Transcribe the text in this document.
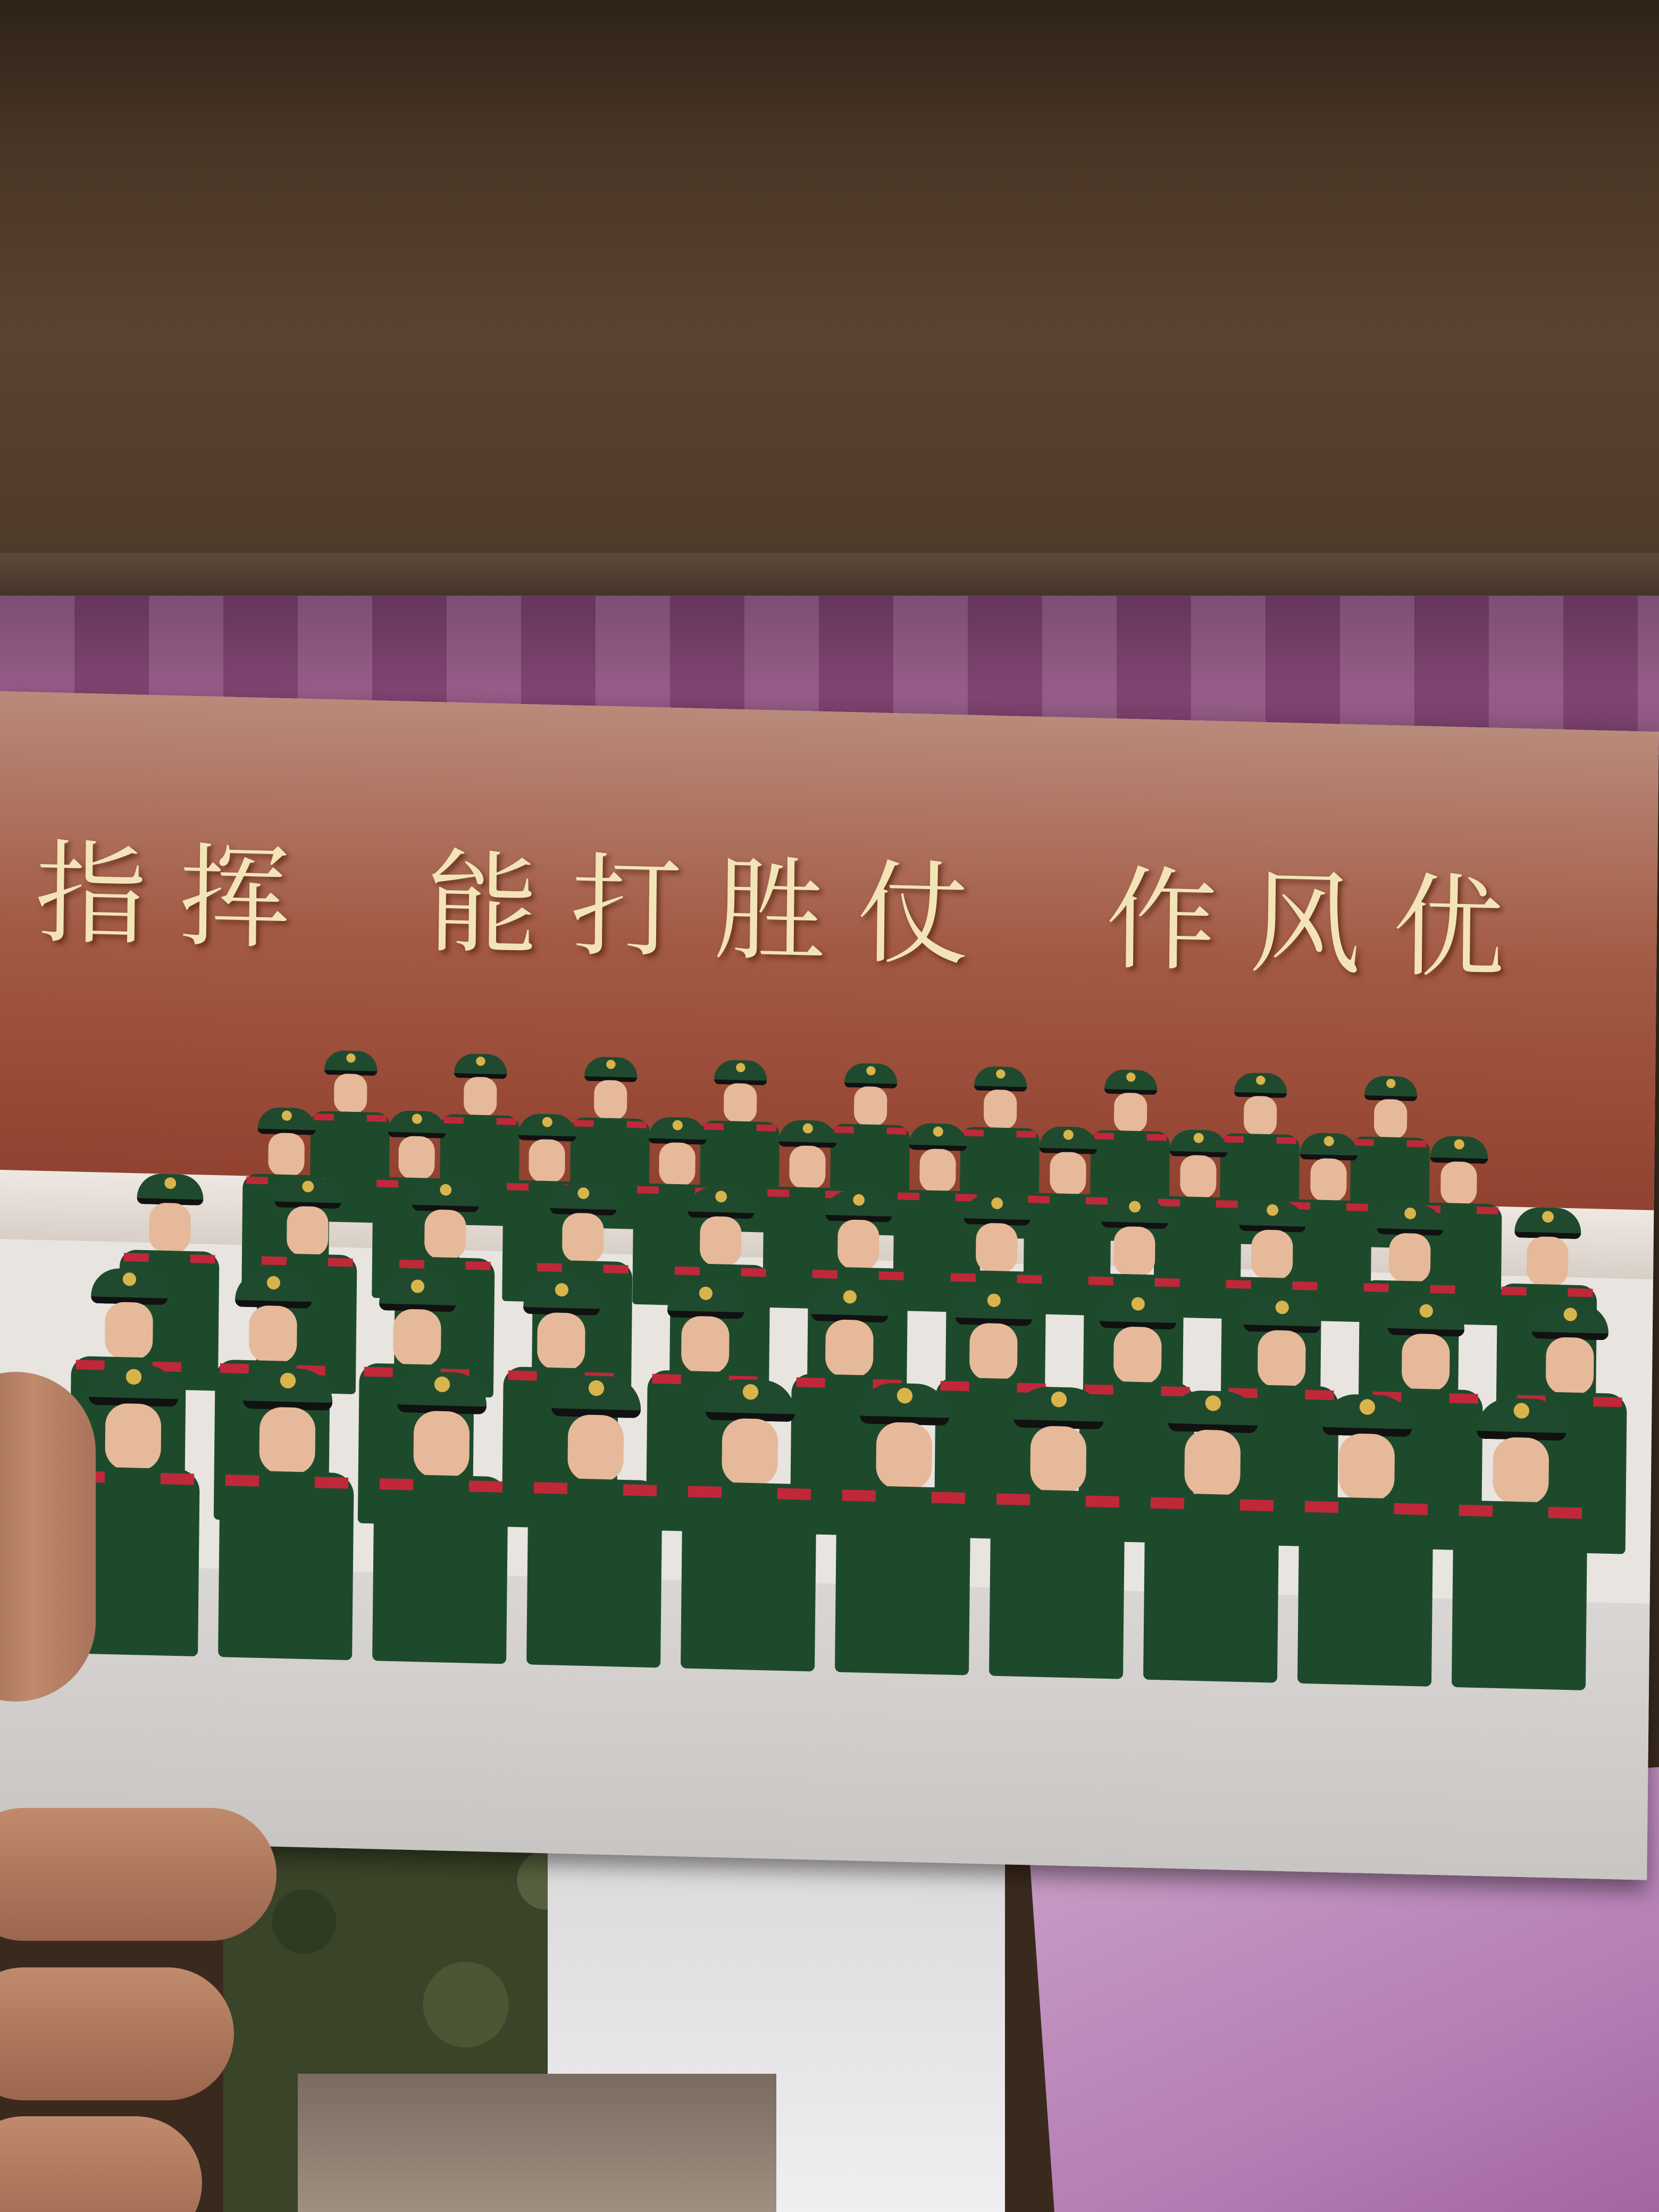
指挥 能打胜仗 作风优
